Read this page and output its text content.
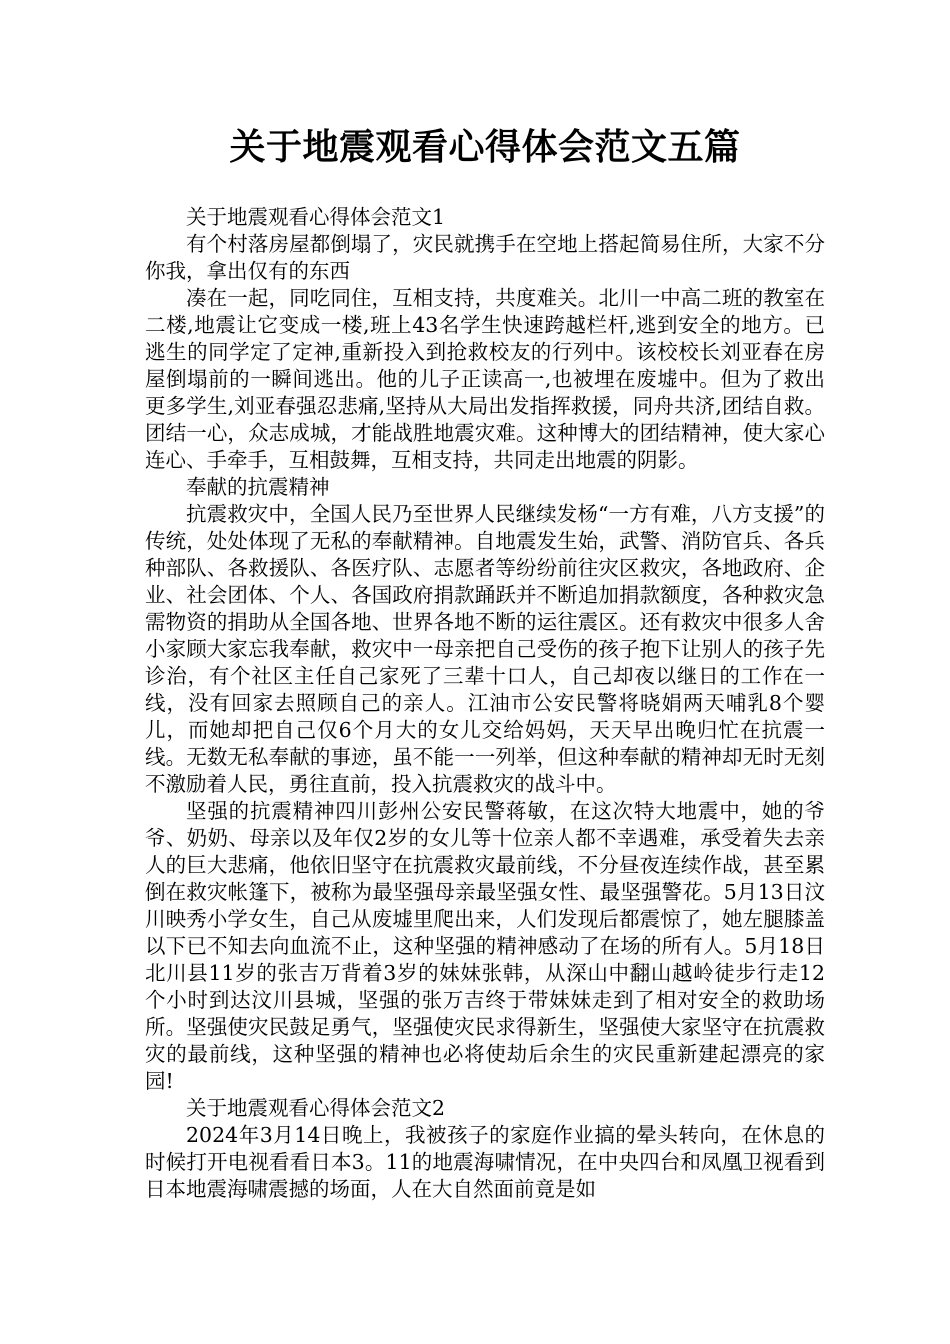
关于地震观看心得体会范文五篇

关于地震观看心得体会范文1

有个村落房屋都倒塌了，灾民就携手在空地上搭起简易住所，大家不分你我，拿出仅有的东西

凑在一起，同吃同住，互相支持，共度难关。北川一中高二班的教室在二楼,地震让它变成一楼,班上43名学生快速跨越栏杆,逃到安全的地方。已逃生的同学定了定神,重新投入到抢救校友的行列中。该校校长刘亚春在房屋倒塌前的一瞬间逃出。他的儿子正读高一,也被埋在废墟中。但为了救出更多学生,刘亚春强忍悲痛,坚持从大局出发指挥救援，同舟共济,团结自救。团结一心，众志成城，才能战胜地震灾难。这种博大的团结精神，使大家心连心、手牵手，互相鼓舞，互相支持，共同走出地震的阴影。

奉献的抗震精神

抗震救灾中，全国人民乃至世界人民继续发杨“一方有难，八方支援”的传统，处处体现了无私的奉献精神。自地震发生始，武警、消防官兵、各兵种部队、各救援队、各医疗队、志愿者等纷纷前往灾区救灾，各地政府、企业、社会团体、个人、各国政府捐款踊跃并不断追加捐款额度，各种救灾急需物资的捐助从全国各地、世界各地不断的运往震区。还有救灾中很多人舍小家顾大家忘我奉献，救灾中一母亲把自己受伤的孩子抱下让别人的孩子先诊治，有个社区主任自己家死了三辈十口人，自己却夜以继日的工作在一线，没有回家去照顾自己的亲人。江油市公安民警将晓娟两天哺乳8个婴儿，而她却把自己仅6个月大的女儿交给妈妈，天天早出晚归忙在抗震一线。无数无私奉献的事迹，虽不能一一列举，但这种奉献的精神却无时无刻不激励着人民，勇往直前，投入抗震救灾的战斗中。

坚强的抗震精神四川彭州公安民警蒋敏，在这次特大地震中，她的爷爷、奶奶、母亲以及年仅2岁的女儿等十位亲人都不幸遇难，承受着失去亲人的巨大悲痛，他依旧坚守在抗震救灾最前线，不分昼夜连续作战，甚至累倒在救灾帐篷下，被称为最坚强母亲最坚强女性、最坚强警花。5月13日汶川映秀小学女生，自己从废墟里爬出来，人们发现后都震惊了，她左腿膝盖以下已不知去向血流不止，这种坚强的精神感动了在场的所有人。5月18日北川县11岁的张吉万背着3岁的妹妹张韩，从深山中翻山越岭徒步行走12个小时到达汶川县城，坚强的张万吉终于带妹妹走到了相对安全的救助场所。坚强使灾民鼓足勇气，坚强使灾民求得新生，坚强使大家坚守在抗震救灾的最前线，这种坚强的精神也必将使劫后余生的灾民重新建起漂亮的家园!

关于地震观看心得体会范文2

2024年3月14日晚上，我被孩子的家庭作业搞的晕头转向，在休息的时候打开电视看看日本3。11的地震海啸情况，在中央四台和凤凰卫视看到日本地震海啸震撼的场面，人在大自然面前竟是如
